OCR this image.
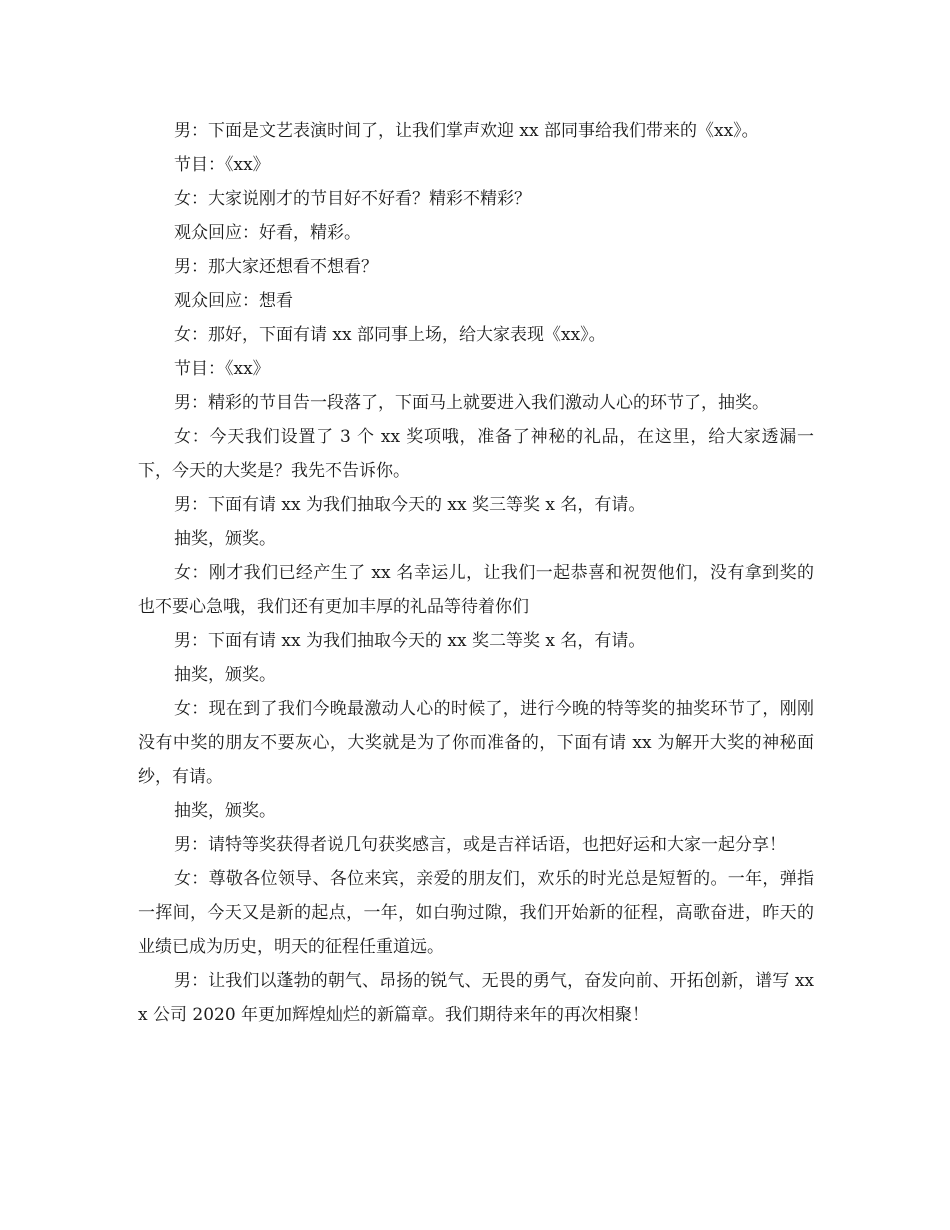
男：下面是文艺表演时间了，让我们掌声欢迎 xx 部同事给我们带来的《xx》。

节目：《xx》

女：大家说刚才的节目好不好看？精彩不精彩？

观众回应：好看，精彩。

男：那大家还想看不想看？

观众回应：想看

女：那好，下面有请 xx 部同事上场，给大家表现《xx》。

节目：《xx》

男：精彩的节目告一段落了，下面马上就要进入我们激动人心的环节了，抽奖。

女：今天我们设置了 3 个 xx 奖项哦，准备了神秘的礼品，在这里，给大家透漏一下，今天的大奖是？我先不告诉你。

男：下面有请 xx 为我们抽取今天的 xx 奖三等奖 x 名，有请。

抽奖，颁奖。

女：刚才我们已经产生了 xx 名幸运儿，让我们一起恭喜和祝贺他们，没有拿到奖的也不要心急哦，我们还有更加丰厚的礼品等待着你们

男：下面有请 xx 为我们抽取今天的 xx 奖二等奖 x 名，有请。

抽奖，颁奖。

女：现在到了我们今晚最激动人心的时候了，进行今晚的特等奖的抽奖环节了，刚刚没有中奖的朋友不要灰心，大奖就是为了你而准备的，下面有请 xx 为解开大奖的神秘面纱，有请。

抽奖，颁奖。

男：请特等奖获得者说几句获奖感言，或是吉祥话语，也把好运和大家一起分享！

女：尊敬各位领导、各位来宾，亲爱的朋友们，欢乐的时光总是短暂的。一年，弹指一挥间，今天又是新的起点，一年，如白驹过隙，我们开始新的征程，高歌奋进，昨天的业绩已成为历史，明天的征程任重道远。

男：让我们以蓬勃的朝气、昂扬的锐气、无畏的勇气，奋发向前、开拓创新，谱写 xxx 公司 2020 年更加辉煌灿烂的新篇章。我们期待来年的再次相聚！
